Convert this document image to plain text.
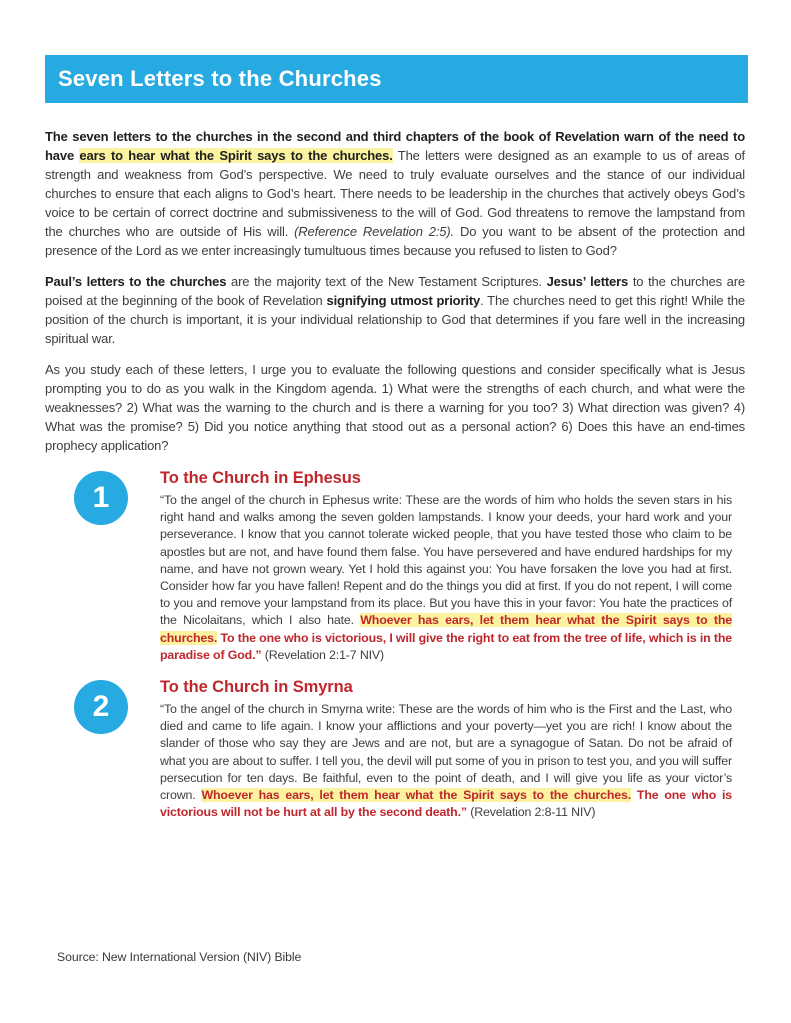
Seven Letters to the Churches

The seven letters to the churches in the second and third chapters of the book of Revelation warn of the need to have ears to hear what the Spirit says to the churches. The letters were designed as an example to us of areas of strength and weakness from God’s perspective. We need to truly evaluate ourselves and the stance of our individual churches to ensure that each aligns to God’s heart. There needs to be leadership in the churches that actively obeys God’s voice to be certain of correct doctrine and submissiveness to the will of God. God threatens to remove the lampstand from the churches who are outside of His will. (Reference Revelation 2:5). Do you want to be absent of the protection and presence of the Lord as we enter increasingly tumultuous times because you refused to listen to God?

Paul’s letters to the churches are the majority text of the New Testament Scriptures. Jesus’ letters to the churches are poised at the beginning of the book of Revelation signifying utmost priority. The churches need to get this right! While the position of the church is important, it is your individual relationship to God that determines if you fare well in the increasing spiritual war.

As you study each of these letters, I urge you to evaluate the following questions and consider specifically what is Jesus prompting you to do as you walk in the Kingdom agenda. 1) What were the strengths of each church, and what were the weaknesses? 2) What was the warning to the church and is there a warning for you too? 3) What direction was given? 4) What was the promise? 5) Did you notice anything that stood out as a personal action? 6) Does this have an end-times prophecy application?

1
To the Church in Ephesus

“To the angel of the church in Ephesus write: These are the words of him who holds the seven stars in his right hand and walks among the seven golden lampstands. I know your deeds, your hard work and your perseverance. I know that you cannot tolerate wicked people, that you have tested those who claim to be apostles but are not, and have found them false. You have persevered and have endured hardships for my name, and have not grown weary. Yet I hold this against you: You have forsaken the love you had at first. Consider how far you have fallen! Repent and do the things you did at first. If you do not repent, I will come to you and remove your lampstand from its place. But you have this in your favor: You hate the practices of the Nicolaitans, which I also hate. Whoever has ears, let them hear what the Spirit says to the churches. To the one who is victorious, I will give the right to eat from the tree of life, which is in the paradise of God.” (Revelation 2:1-7 NIV)

2
To the Church in Smyrna

“To the angel of the church in Smyrna write: These are the words of him who is the First and the Last, who died and came to life again. I know your afflictions and your poverty—yet you are rich! I know about the slander of those who say they are Jews and are not, but are a synagogue of Satan. Do not be afraid of what you are about to suffer. I tell you, the devil will put some of you in prison to test you, and you will suffer persecution for ten days. Be faithful, even to the point of death, and I will give you life as your victor’s crown. Whoever has ears, let them hear what the Spirit says to the churches. The one who is victorious will not be hurt at all by the second death.” (Revelation 2:8-11 NIV)

Source: New International Version (NIV) Bible
